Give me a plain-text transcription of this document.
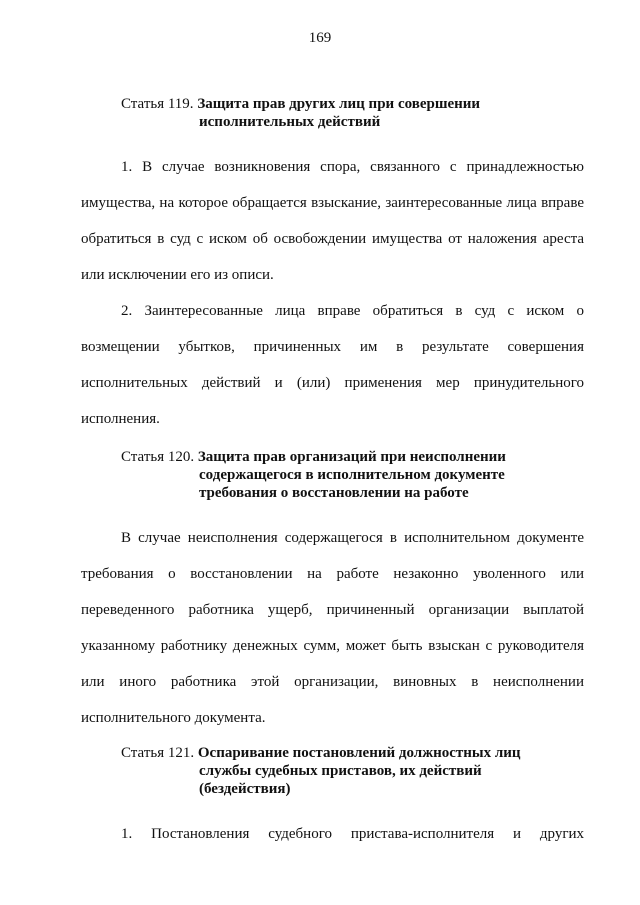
169
Статья 119. Защита прав других лиц при совершении
исполнительных действий

1. В случае возникновения спора, связанного с принадлежностью имущества, на которое обращается взыскание, заинтересованные лица вправе обратиться в суд с иском об освобождении имущества от наложения ареста или исключении его из описи.

2. Заинтересованные лица вправе обратиться в суд с иском о возмещении убытков, причиненных им в результате совершения исполнительных действий и (или) применения мер принудительного исполнения.

Статья 120. Защита прав организаций при неисполнении
содержащегося в исполнительном документе
требования о восстановлении на работе

В случае неисполнения содержащегося в исполнительном документе требования о восстановлении на работе незаконно уволенного или переведенного работника ущерб, причиненный организации выплатой указанному работнику денежных сумм, может быть взыскан с руководителя или иного работника этой организации, виновных в неисполнении исполнительного документа.

Статья 121. Оспаривание постановлений должностных лиц
службы судебных приставов, их действий
(бездействия)

1. Постановления судебного пристава-исполнителя и других
